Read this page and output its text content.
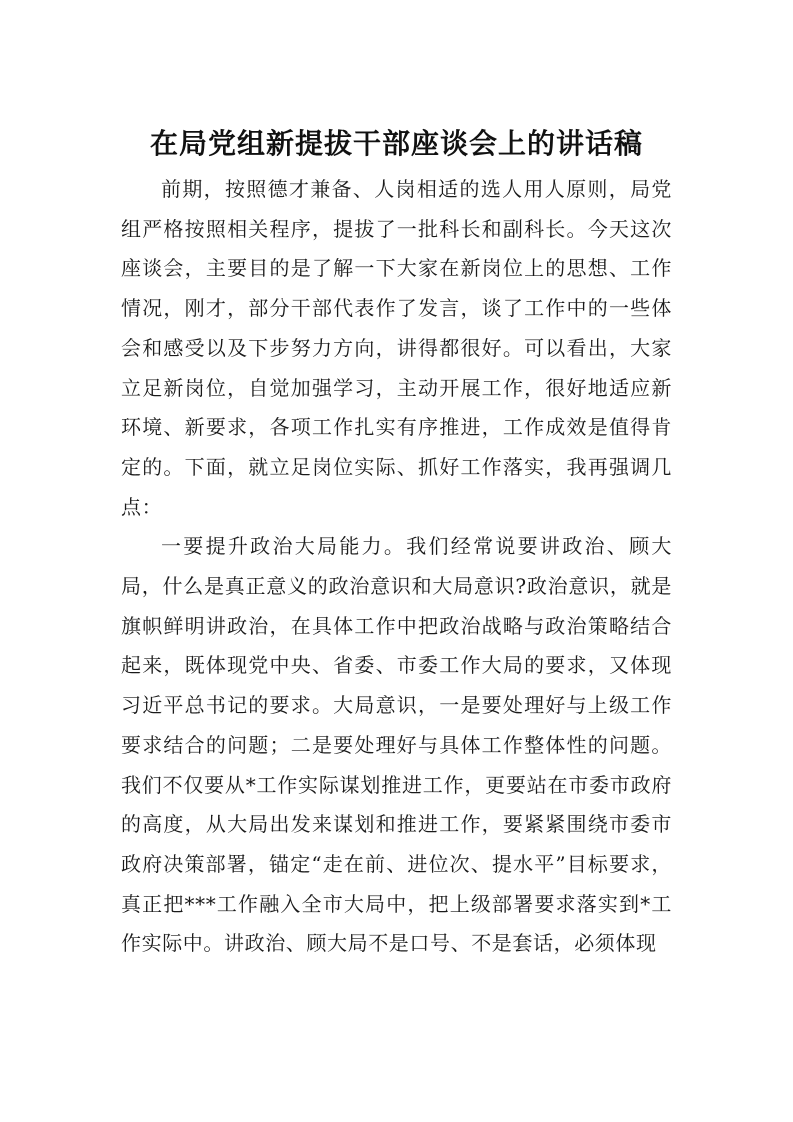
在局党组新提拔干部座谈会上的讲话稿

前期，按照德才兼备、人岗相适的选人用人原则，局党组严格按照相关程序，提拔了一批科长和副科长。今天这次座谈会，主要目的是了解一下大家在新岗位上的思想、工作情况，刚才，部分干部代表作了发言，谈了工作中的一些体会和感受以及下步努力方向，讲得都很好。可以看出，大家立足新岗位，自觉加强学习，主动开展工作，很好地适应新环境、新要求，各项工作扎实有序推进，工作成效是值得肯定的。下面，就立足岗位实际、抓好工作落实，我再强调几点：

一要提升政治大局能力。我们经常说要讲政治、顾大局，什么是真正意义的政治意识和大局意识?政治意识，就是旗帜鲜明讲政治，在具体工作中把政治战略与政治策略结合起来，既体现党中央、省委、市委工作大局的要求，又体现习近平总书记的要求。大局意识，一是要处理好与上级工作要求结合的问题；二是要处理好与具体工作整体性的问题。我们不仅要从*工作实际谋划推进工作，更要站在市委市政府的高度，从大局出发来谋划和推进工作，要紧紧围绕市委市政府决策部署，锚定“走在前、进位次、提水平”目标要求，真正把***工作融入全市大局中，把上级部署要求落实到*工作实际中。讲政治、顾大局不是口号、不是套话，必须体现
